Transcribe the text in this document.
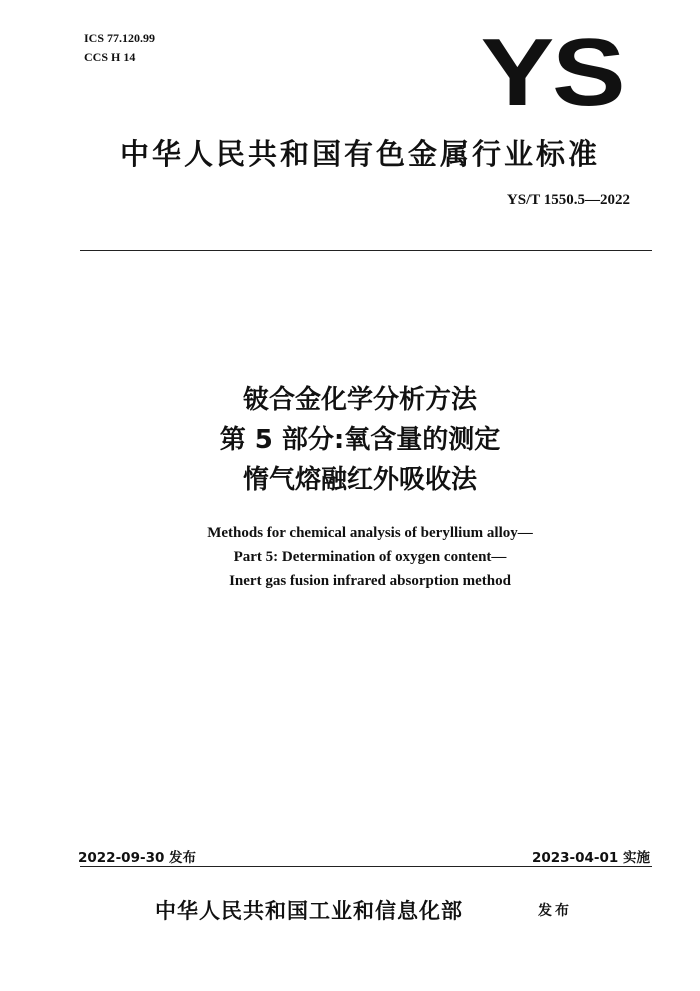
ICS 77.120.99
CCS H 14	YS
中华人民共和国有色金属行业标准
YS/T 1550.5—2022
铍合金化学分析方法
第 5 部分:氧含量的测定
惰气熔融红外吸收法
Methods for chemical analysis of beryllium alloy—
Part 5: Determination of oxygen content—
Inert gas fusion infrared absorption method
2022-09-30 发布	2023-04-01 实施
中华人民共和国工业和信息化部	发布
